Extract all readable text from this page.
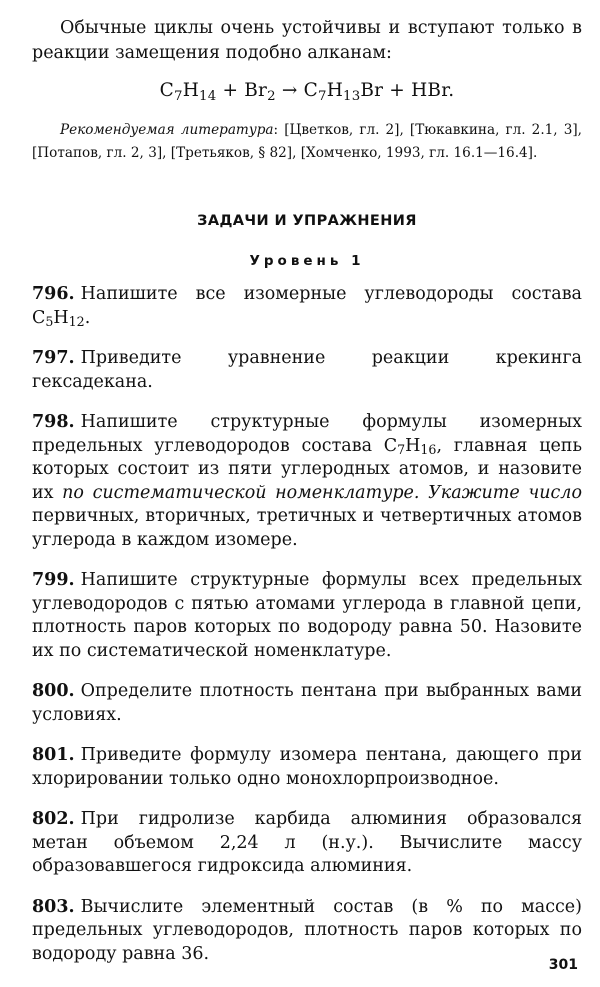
Обычные циклы очень устойчивы и вступают только в реакции замещения подобно алканам:

$C_7H_{14} + Br_2 \to C_7H_{13}Br$ + HBr.

Рекомендуемая литература: [Цветков, гл. 2], [Тюкавкина, гл. 2.1, 3], [Потапов, гл. 2, 3], [Третьяков, § 82], [Хомченко, 1993, гл. 16.1—16.4].

ЗАДАЧИ И УПРАЖНЕНИЯ

Уровень 1

796. Напишите все изомерные углеводороды состава $C_5H_{12}$.

797. Приведите уравнение реакции крекинга гексадекана.

798. Напишите структурные формулы изомерных предельных углеводородов состава $C_7H_{16}$, главная цепь которых состоит из пяти углеродных атомов, и назовите их по систематической номенклатуре. Укажите число первичных, вторичных, третичных и четвертичных атомов углерода в каждом изомере.

799. Напишите структурные формулы всех предельных углеводородов с пятью атомами углерода в главной цепи, плотность паров которых по водороду равна 50. Назовите их по систематической номенклатуре.

800. Определите плотность пентана при выбранных вами условиях.

801. Приведите формулу изомера пентана, дающего при хлорировании только одно монохлорпроизводное.

802. При гидролизе карбида алюминия образовался метан объемом 2,24 л (н.у.). Вычислите массу образовавшегося гидроксида алюминия.

803. Вычислите элементный состав (в % по массе) предельных углеводородов, плотность паров которых по водороду равна 36.

301
